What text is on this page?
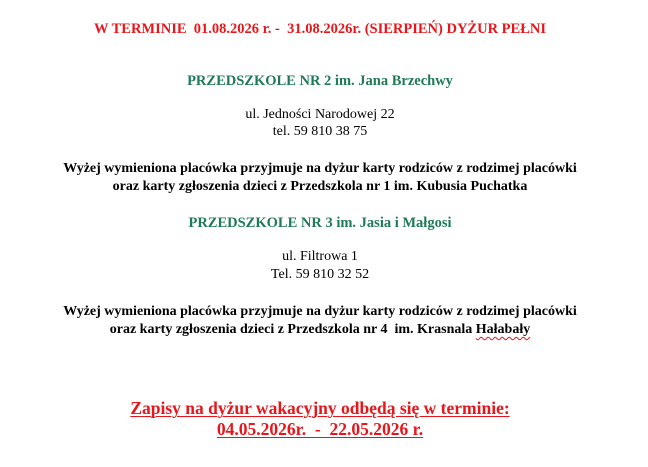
W TERMINIE  01.08.2026 r. -  31.08.2026r. (SIERPIEŃ) DYŻUR PEŁNI
PRZEDSZKOLE NR 2 im. Jana Brzechwy
ul. Jedności Narodowej 22
tel. 59 810 38 75
Wyżej wymieniona placówka przyjmuje na dyżur karty rodziców z rodzimej placówki
oraz karty zgłoszenia dzieci z Przedszkola nr 1 im. Kubusia Puchatka
PRZEDSZKOLE NR 3 im. Jasia i Małgosi
ul. Filtrowa 1
Tel. 59 810 32 52
Wyżej wymieniona placówka przyjmuje na dyżur karty rodziców z rodzimej placówki
oraz karty zgłoszenia dzieci z Przedszkola nr 4  im. Krasnala Hałabały
Zapisy na dyżur wakacyjny odbędą się w terminie:
04.05.2026r.  -  22.05.2026 r.
